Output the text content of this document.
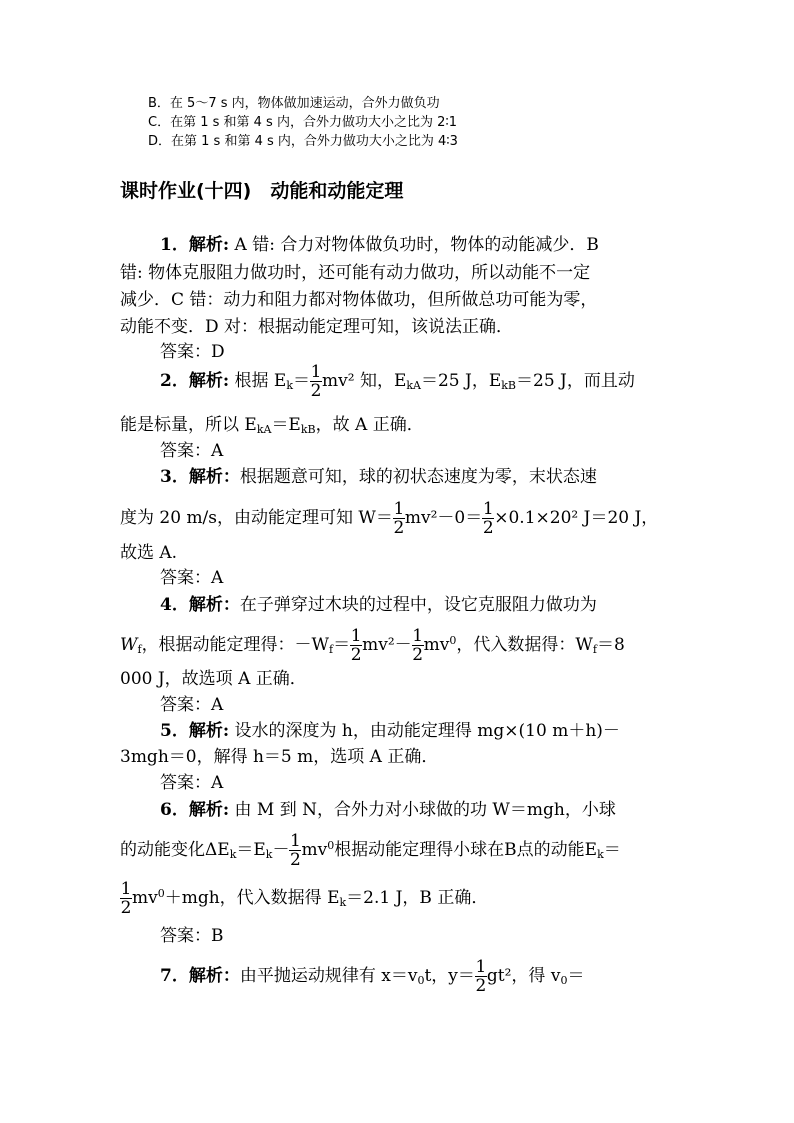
B．在 5～7 s 内，物体做加速运动，合外力做负功
C．在第 1 s 和第 4 s 内，合外力做功大小之比为 2∶1
D．在第 1 s 和第 4 s 内，合外力做功大小之比为 4∶3
课时作业(十四)　动能和动能定理
1．解析: A 错: 合力对物体做负功时，物体的动能减少．B
错: 物体克服阻力做功时，还可能有动力做功，所以动能不一定
减少．C 错：动力和阻力都对物体做功，但所做总功可能为零，
动能不变．D 对：根据动能定理可知，该说法正确．
答案：D
2．解析: 根据 $E_k= \frac{1}{2} mv^2$ 知，$E_{kA}=25$ J，$E_{kB}=25$ J，而且动
能是标量，所以 $E_{kA}=E_{kB}$，故 A 正确．
答案：A
3．解析：根据题意可知，球的初状态速度为零，末状态速
度为 20 m/s，由动能定理可知 $W= \frac{1}{2} mv^2-0= \frac{1}{2} \times 0.1\times 20^2$ J＝20 J，
故选 A.
答案：A
4．解析：在子弹穿过木块的过程中，设它克服阻力做功为
$W_f$，根据动能定理得：$-W_f= \frac{1}{2} mv^2- \frac{1}{2} mv^0$，代入数据得：$W_f=8$
000 J，故选项 A 正确．
答案：A
5．解析: 设水的深度为 h，由动能定理得 mg×(10 m＋h)－
3mgh＝0，解得 h＝5 m，选项 A 正确．
答案：A
6．解析: 由 M 到 N，合外力对小球做的功 W＝mgh，小球
的动能变化$\Delta E_k=E_k- \frac{1}{2} mv^0$根据动能定理得小球在B点的动能$E_k=$
$\frac{1}{2} mv^0+mgh$，代入数据得 $E_k=2.1$ J，B 正确．
答案：B
7．解析：由平抛运动规律有 $x=v_0t$，$y= \frac{1}{2} gt^2$，得 $v_0=$
